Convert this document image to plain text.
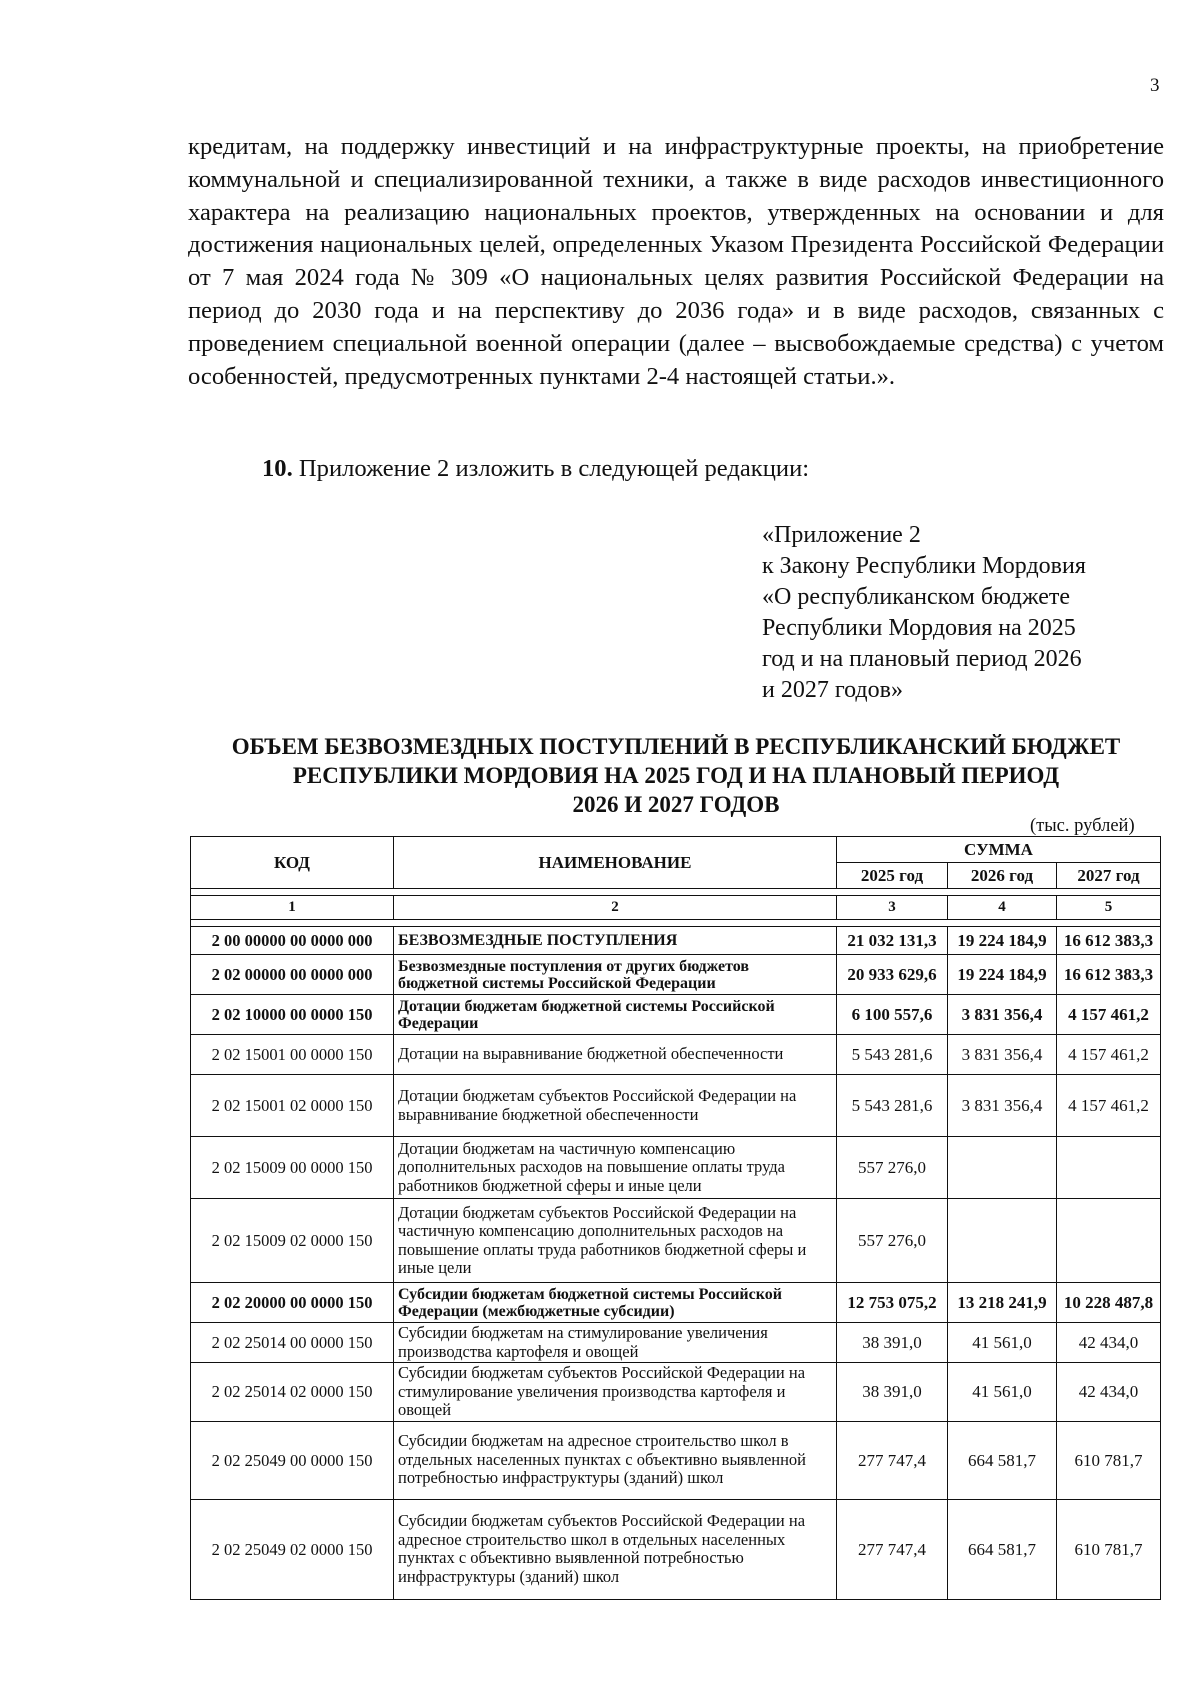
3

кредитам, на поддержку инвестиций и на инфраструктурные проекты, на приобретение коммунальной и специализированной техники, а также в виде расходов инвестиционного характера на реализацию национальных проектов, утвержденных на основании и для достижения национальных целей, определенных Указом Президента Российской Федерации от 7 мая 2024 года № 309 «О национальных целях развития Российской Федерации на период до 2030 года и на перспективу до 2036 года» и в виде расходов, связанных с проведением специальной военной операции (далее – высвобождаемые средства) с учетом особенностей, предусмотренных пунктами 2-4 настоящей статьи.».

10. Приложение 2 изложить в следующей редакции:

«Приложение 2
к Закону Республики Мордовия
«О республиканском бюджете
Республики Мордовия на 2025
год и на плановый период 2026
и 2027 годов»
ОБЪЕМ БЕЗВОЗМЕЗДНЫХ ПОСТУПЛЕНИЙ В РЕСПУБЛИКАНСКИЙ БЮДЖЕТ
РЕСПУБЛИКИ МОРДОВИЯ НА 2025 ГОД И НА ПЛАНОВЫЙ ПЕРИОД
2026 И 2027 ГОДОВ
(тыс. рублей)
КОД	НАИМЕНОВАНИЕ	СУММА		
		2025 год	2026 год	2027 год

1	2	3	4	5

2 00 00000 00 0000 000	БЕЗВОЗМЕЗДНЫЕ ПОСТУПЛЕНИЯ	21 032 131,3	19 224 184,9	16 612 383,3
2 02 00000 00 0000 000	Безвозмездные поступления от других бюджетов бюджетной системы Российской Федерации	20 933 629,6	19 224 184,9	16 612 383,3
2 02 10000 00 0000 150	Дотации бюджетам бюджетной системы Российской Федерации	6 100 557,6	3 831 356,4	4 157 461,2
2 02 15001 00 0000 150	Дотации на выравнивание бюджетной обеспеченности	5 543 281,6	3 831 356,4	4 157 461,2
2 02 15001 02 0000 150	Дотации бюджетам субъектов Российской Федерации на выравнивание бюджетной обеспеченности	5 543 281,6	3 831 356,4	4 157 461,2
2 02 15009 00 0000 150	Дотации бюджетам на частичную компенсацию дополнительных расходов на повышение оплаты труда работников бюджетной сферы и иные цели	557 276,0		
2 02 15009 02 0000 150	Дотации бюджетам субъектов Российской Федерации на частичную компенсацию дополнительных расходов на повышение оплаты труда работников бюджетной сферы и иные цели	557 276,0		
2 02 20000 00 0000 150	Субсидии бюджетам бюджетной системы Российской Федерации (межбюджетные субсидии)	12 753 075,2	13 218 241,9	10 228 487,8
2 02 25014 00 0000 150	Субсидии бюджетам на стимулирование увеличения производства картофеля и овощей	38 391,0	41 561,0	42 434,0
2 02 25014 02 0000 150	Субсидии бюджетам субъектов Российской Федерации на стимулирование увеличения производства картофеля и овощей	38 391,0	41 561,0	42 434,0
2 02 25049 00 0000 150	Субсидии бюджетам на адресное строительство школ в отдельных населенных пунктах с объективно выявленной потребностью инфраструктуры (зданий) школ	277 747,4	664 581,7	610 781,7
2 02 25049 02 0000 150	Субсидии бюджетам субъектов Российской Федерации на адресное строительство школ в отдельных населенных пунктах с объективно выявленной потребностью инфраструктуры (зданий) школ	277 747,4	664 581,7	610 781,7
